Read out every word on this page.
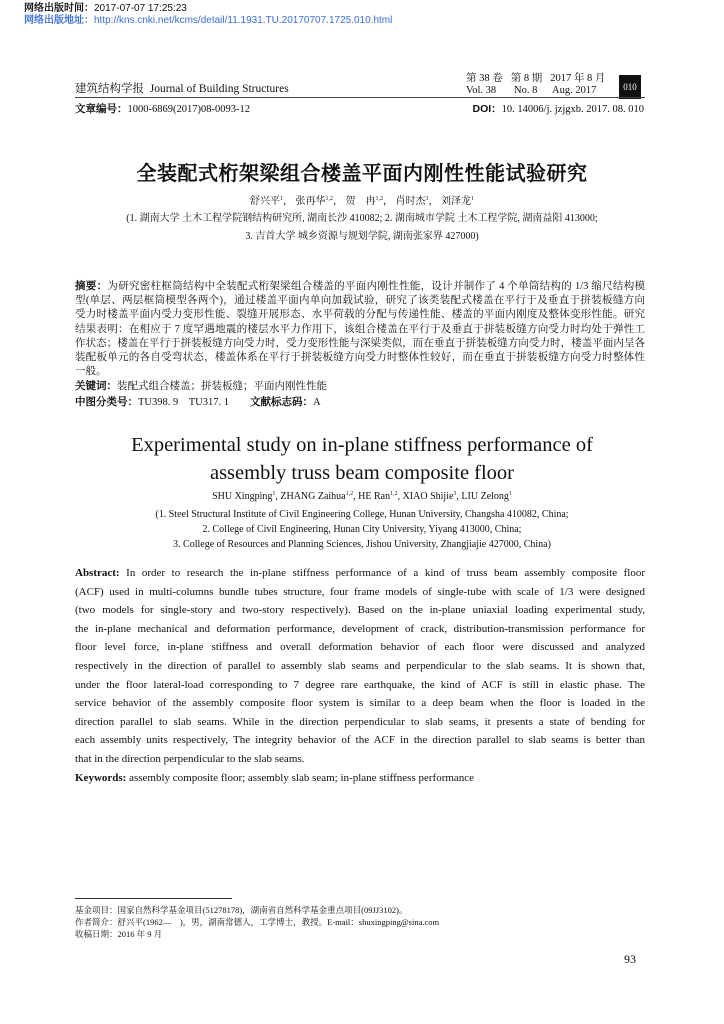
网络出版时间：2017-07-07 17:25:23
网络出版地址：http://kns.cnki.net/kcms/detail/11.1931.TU.20170707.1725.010.html
建筑结构学报 Journal of Building Structures
第 38 卷 第 8 期 2017 年 8 月
Vol. 38 No. 8 Aug. 2017	010
文章编号：1000-6869(2017)08-0093-12	DOI：10. 14006/j. jzjgxb. 2017. 08. 010
全装配式桁架梁组合楼盖平面内刚性性能试验研究
舒兴平$^1$， 张再华$^{1,2}$， 贺　冉$^{1,2}$， 肖时杰$^3$， 刘泽龙$^1$
(1. 湖南大学 土木工程学院钢结构研究所, 湖南长沙 410082; 2. 湖南城市学院 土木工程学院, 湖南益阳 413000;
3. 吉首大学 城乡资源与规划学院, 湖南张家界 427000)
摘要：为研究密柱框筒结构中全装配式桁架梁组合楼盖的平面内刚性性能，设计并制作了 4 个单筒结构的 1/3 缩尺结构模
型(单层、两层框筒模型各两个)，通过楼盖平面内单向加载试验，研究了该类装配式楼盖在平行于及垂直于拼装板缝方向
受力时楼盖平面内受力变形性能、裂缝开展形态、水平荷载的分配与传递性能、楼盖的平面内刚度及整体变形性能。研究
结果表明：在相应于 7 度罕遇地震的楼层水平力作用下，该组合楼盖在平行于及垂直于拼装板缝方向受力时均处于弹性工
作状态；楼盖在平行于拼装板缝方向受力时，受力变形性能与深梁类似，而在垂直于拼装板缝方向受力时，楼盖平面内呈各
装配板单元的各自受弯状态，楼盖体系在平行于拼装板缝方向受力时整体性较好，而在垂直于拼装板缝方向受力时整体性
一般。
关键词：装配式组合楼盖；拼装板缝；平面内刚性性能
中图分类号：TU398. 9　TU317. 1   文献标志码：A
Experimental study on in-plane stiffness performance of
assembly truss beam composite floor
SHU Xingping$^1$, ZHANG Zaihua$^{1,2}$, HE Ran$^{1,2}$, XIAO Shijie$^3$, LIU Zelong$^1$
(1. Steel Structural Institute of Civil Engineering College, Hunan University, Changsha 410082, China;
2. College of Civil Engineering, Hunan City University, Yiyang 413000, China;
3. College of Resources and Planning Sciences, Jishou University, Zhangjiajie 427000, China)
Abstract: In order to research the in-plane stiffness performance of a kind of truss beam assembly composite floor
(ACF) used in multi-columns bundle tubes structure, four frame models of single-tube with scale of 1/3 were designed
(two models for single-story and two-story respectively). Based on the in-plane uniaxial loading experimental study,
the in-plane mechanical and deformation performance, development of crack, distribution-transmission performance for
floor level force, in-plane stiffness and overall deformation behavior of each floor were discussed and analyzed
respectively in the direction of parallel to assembly slab seams and perpendicular to the slab seams. It is shown that,
under the floor lateral-load corresponding to 7 degree rare earthquake, the kind of ACF is still in elastic phase. The
service behavior of the assembly composite floor system is similar to a deep beam when the floor is loaded in the
direction parallel to slab seams. While in the direction perpendicular to slab seams, it presents a state of bending for
each assembly units respectively, The integrity behavior of the ACF in the direction parallel to slab seams is better than
that in the direction perpendicular to the slab seams.
Keywords: assembly composite floor; assembly slab seam; in-plane stiffness performance
基金项目：国家自然科学基金项目(51278178)，湖南省自然科学基金重点项目(09JJ3102)。
作者简介：舒兴平(1962—　)，男，湖南常德人，工学博士，教授。E-mail：shuxingping@sina.com
收稿日期：2016 年 9 月
93
